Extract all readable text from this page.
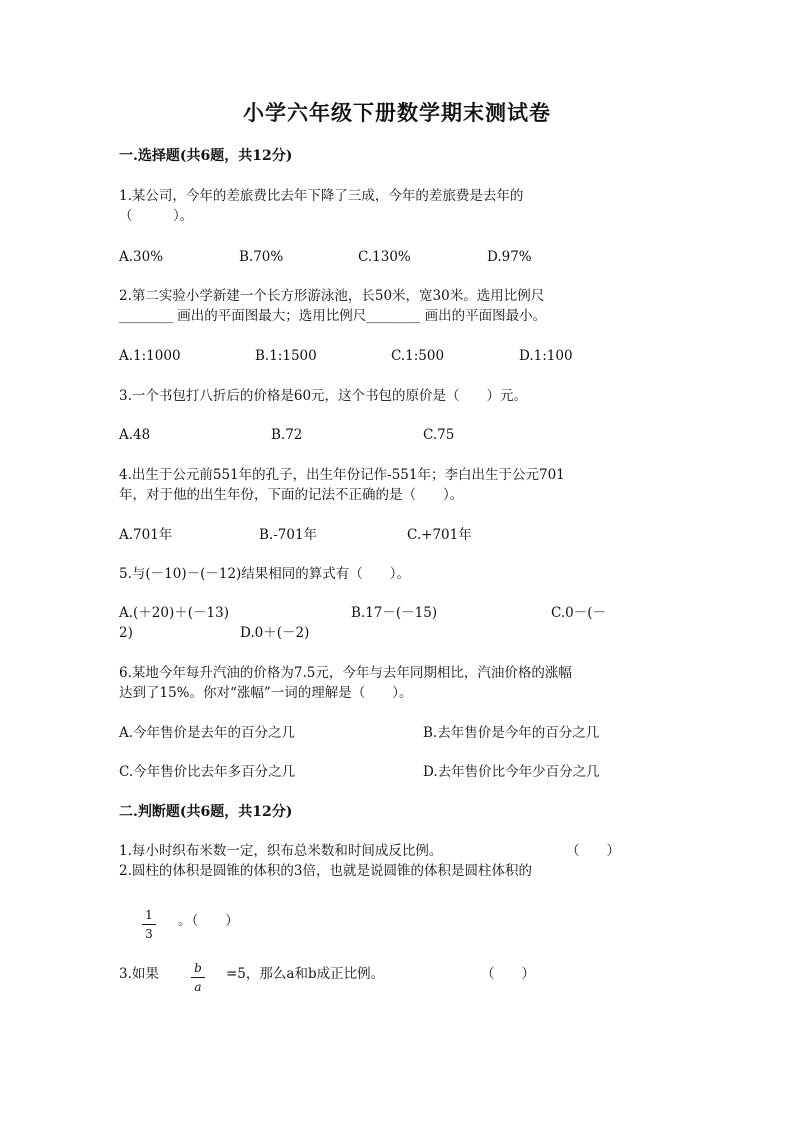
小学六年级下册数学期末测试卷
一.选择题(共6题，共12分)
1.某公司，今年的差旅费比去年下降了三成，今年的差旅费是去年的
（　　　）。
A.30%	B.70%	C.130%	D.97%
2.第二实验小学新建一个长方形游泳池，长50米，宽30米。选用比例尺
________ 画出的平面图最大；选用比例尺________ 画出的平面图最小。
A.1:1000	B.1:1500	C.1:500	D.1:100
3.一个书包打八折后的价格是60元，这个书包的原价是（　　）元。
A.48	B.72	C.75
4.出生于公元前551年的孔子，出生年份记作-551年；李白出生于公元701
年，对于他的出生年份，下面的记法不正确的是（　　）。
A.701年	B.-701年	C.+701年
5.与(－10)－(－12)结果相同的算式有（　　）。
A.(＋20)＋(－13)	B.17－(－15)	C.0－(－
2)	D.0＋(－2)
6.某地今年每升汽油的价格为7.5元，今年与去年同期相比，汽油价格的涨幅
达到了15%。你对“涨幅”一词的理解是（　　）。
A.今年售价是去年的百分之几	B.去年售价是今年的百分之几
C.今年售价比去年多百分之几	D.去年售价比今年少百分之几
二.判断题(共6题，共12分)
1.每小时织布米数一定，织布总米数和时间成反比例。	（　　）
2.圆柱的体积是圆锥的体积的3倍，也就是说圆锥的体积是圆柱体积的
1
3
。（　　）
3.如果	b
a
=5，那么a和b成正比例。	（　　）
